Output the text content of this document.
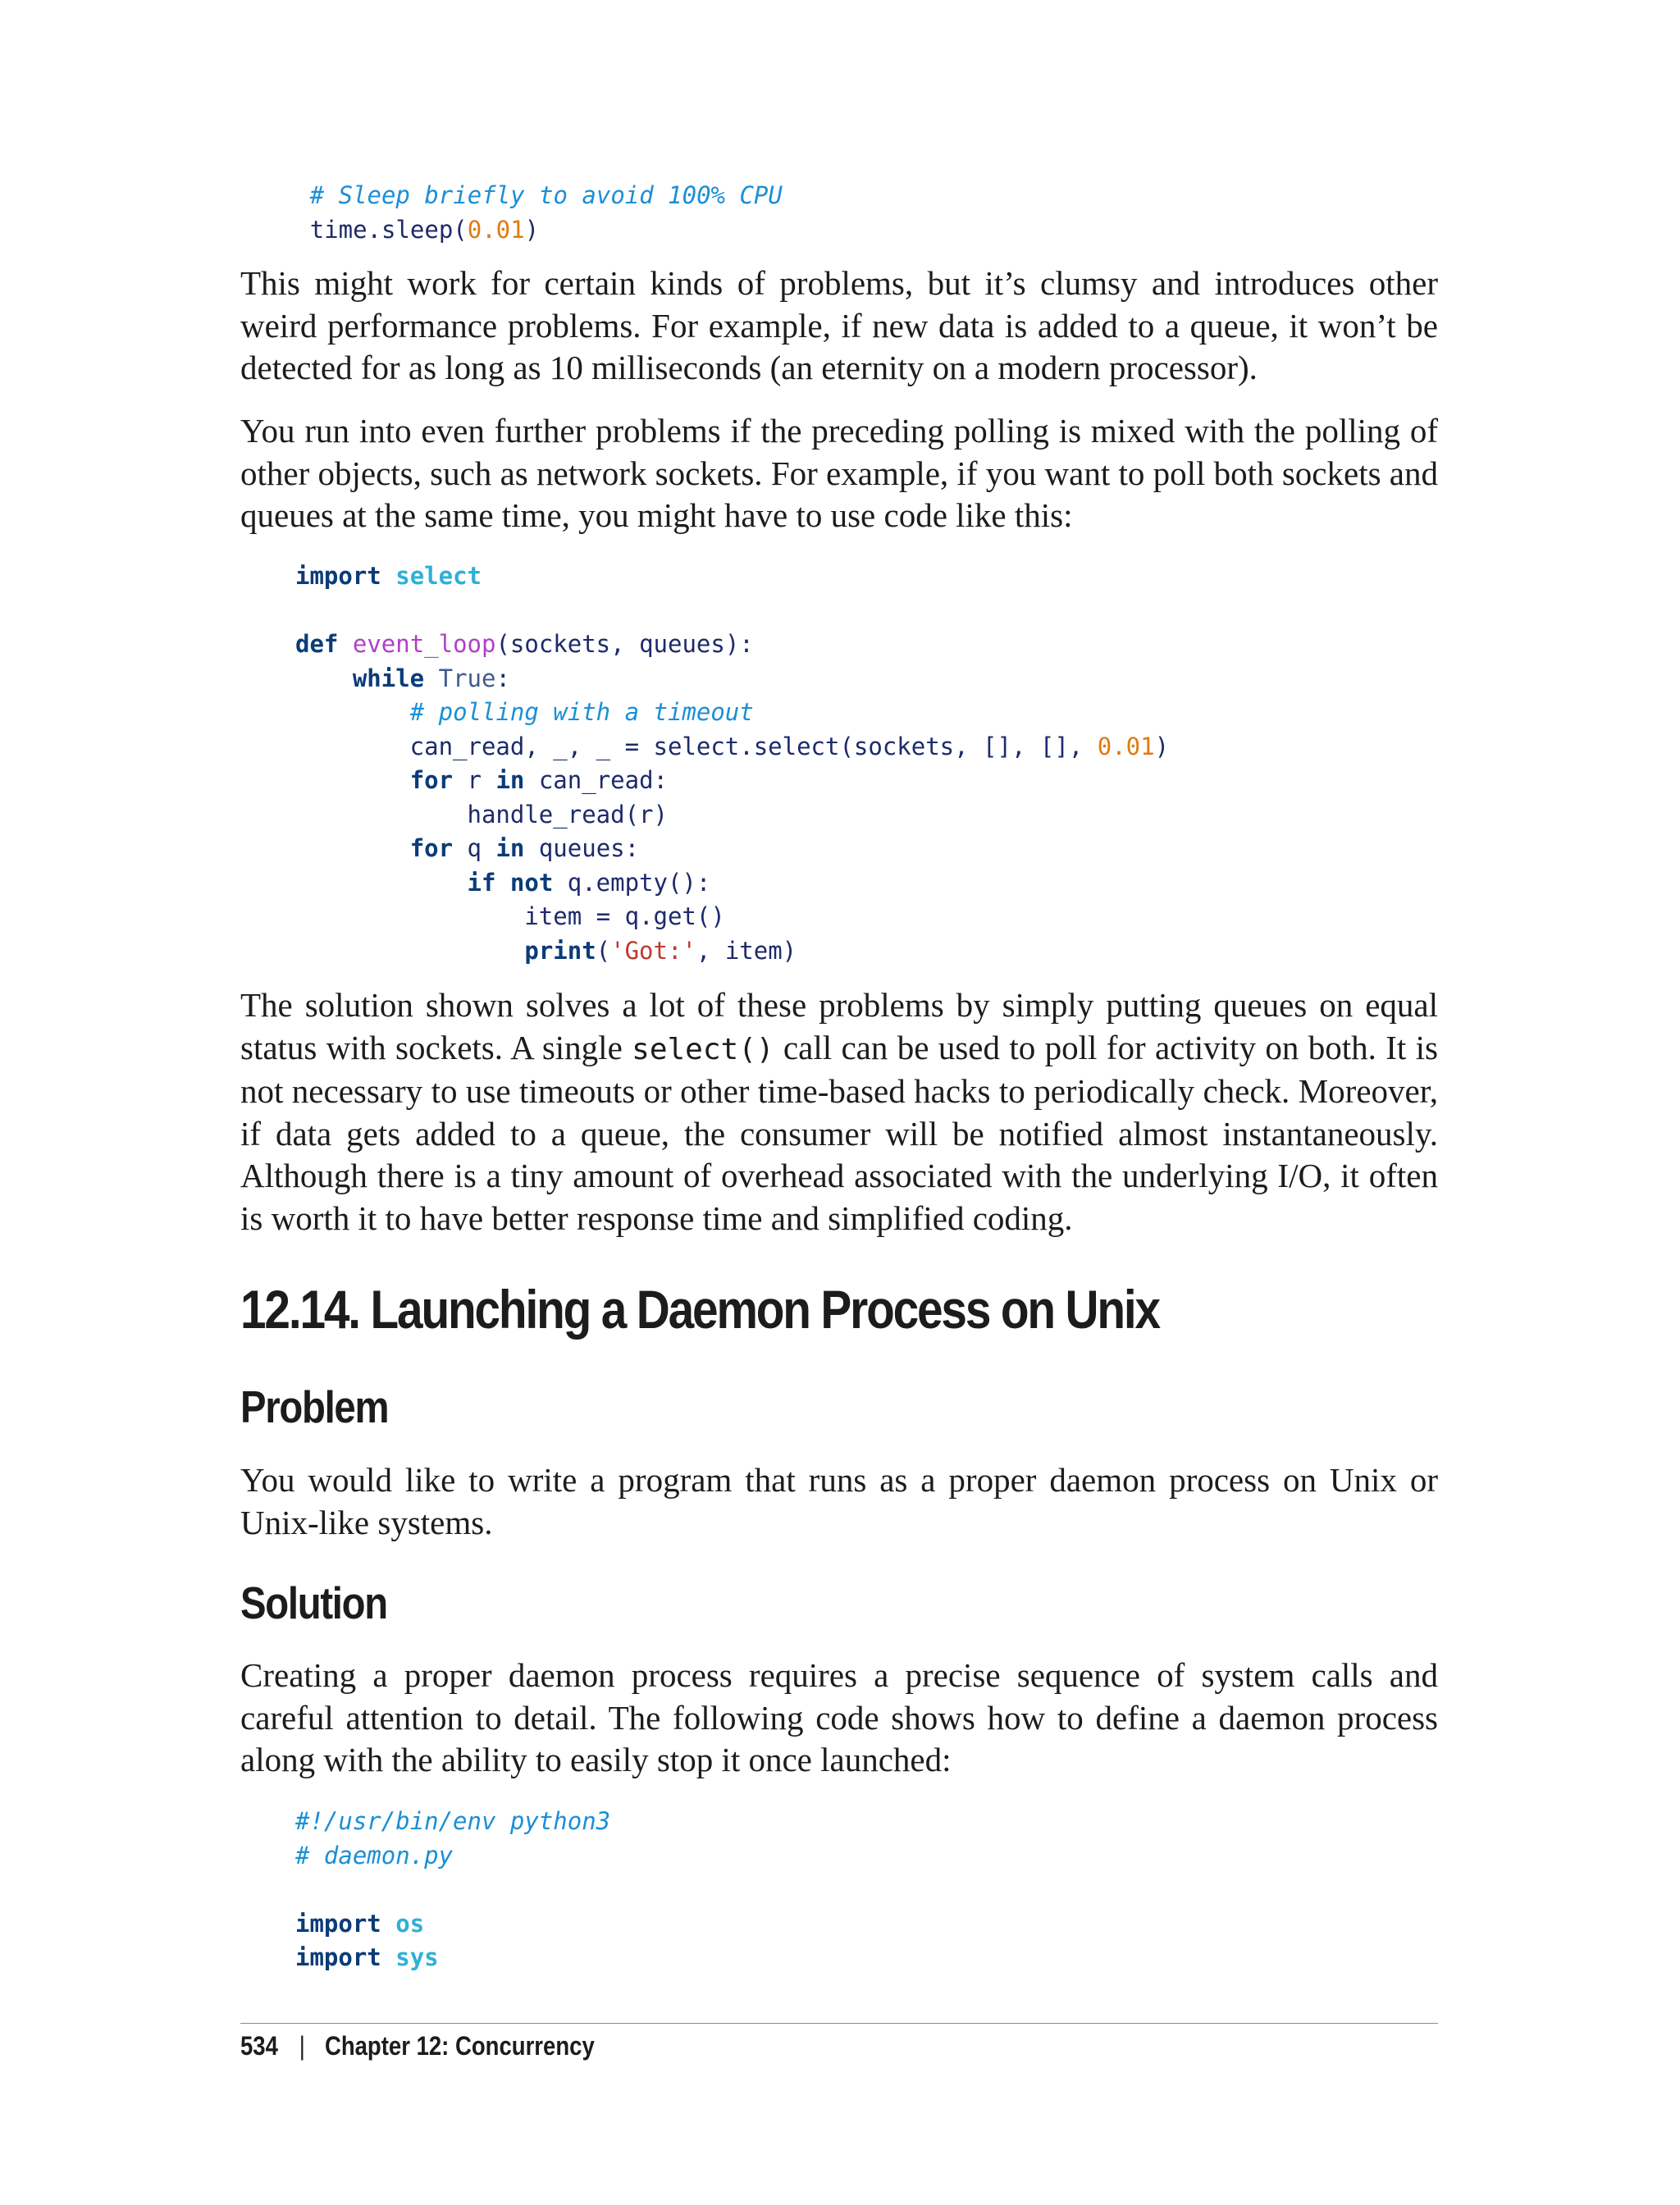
# Sleep briefly to avoid 100% CPU
time.sleep(0.01)

This might work for certain kinds of problems, but it’s clumsy and introduces other weird performance problems. For example, if new data is added to a queue, it won’t be detected for as long as 10 milliseconds (an eternity on a modern processor).

You run into even further problems if the preceding polling is mixed with the polling of other objects, such as network sockets. For example, if you want to poll both sockets and queues at the same time, you might have to use code like this:

import select

def event_loop(sockets, queues):
while True:
# polling with a timeout
can_read, _, _ = select.select(sockets, [], [], 0.01)
for r in can_read:
handle_read(r)
for q in queues:
if not q.empty():
item = q.get()
print('Got:', item)

The solution shown solves a lot of these problems by simply putting queues on equal status with sockets. A single select() call can be used to poll for activity on both. It is not necessary to use timeouts or other time-based hacks to periodically check. Moreover, if data gets added to a queue, the consumer will be notified almost instantaneously. Although there is a tiny amount of overhead associated with the underlying I/O, it often is worth it to have better response time and simplified coding.

12.14. Launching a Daemon Process on Unix
Problem

You would like to write a program that runs as a proper daemon process on Unix or Unix-like systems.

Solution

Creating a proper daemon process requires a precise sequence of system calls and careful attention to detail. The following code shows how to define a daemon process along with the ability to easily stop it once launched:

#!/usr/bin/env python3
# daemon.py

import os
import sys
534 | Chapter 12: Concurrency
